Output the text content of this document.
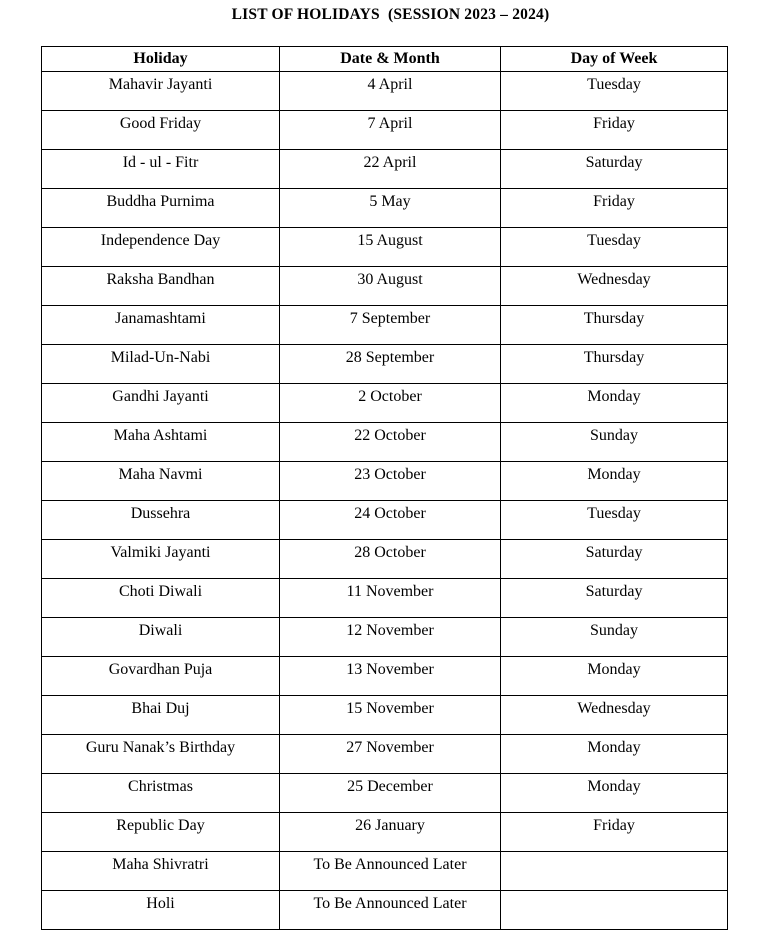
LIST OF HOLIDAYS  (SESSION 2023 – 2024)
Holiday	Date & Month	Day of Week
Mahavir Jayanti	4 April	Tuesday
Good Friday	7 April	Friday
Id - ul - Fitr	22 April	Saturday
Buddha Purnima	5 May	Friday
Independence Day	15 August	Tuesday
Raksha Bandhan	30 August	Wednesday
Janamashtami	7 September	Thursday
Milad-Un-Nabi	28 September	Thursday
Gandhi Jayanti	2 October	Monday
Maha Ashtami	22 October	Sunday
Maha Navmi	23 October	Monday
Dussehra	24 October	Tuesday
Valmiki Jayanti	28 October	Saturday
Choti Diwali	11 November	Saturday
Diwali	12 November	Sunday
Govardhan Puja	13 November	Monday
Bhai Duj	15 November	Wednesday
Guru Nanak’s Birthday	27 November	Monday
Christmas	25 December	Monday
Republic Day	26 January	Friday
Maha Shivratri	To Be Announced Later	
Holi	To Be Announced Later	
